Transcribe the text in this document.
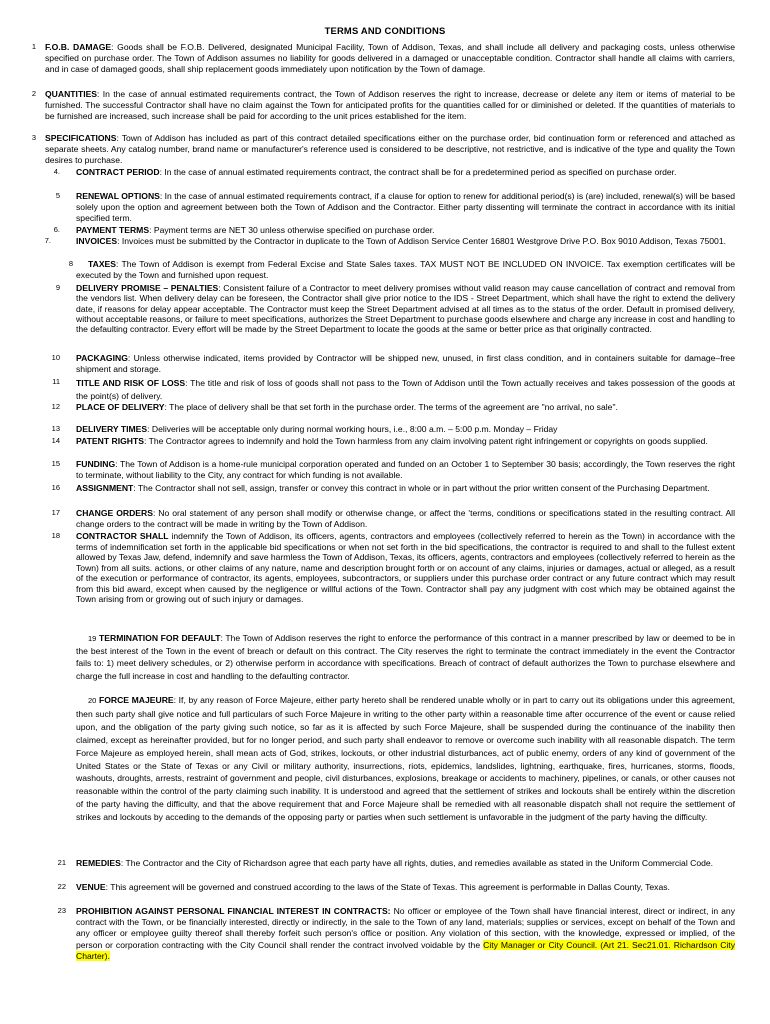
TERMS AND CONDITIONS
1 F.O.B. DAMAGE: Goods shall be F.O.B. Delivered, designated Municipal Facility, Town of Addison, Texas, and shall include all delivery and packaging costs, unless otherwise specified on purchase order. The Town of Addison assumes no liability for goods delivered in a damaged or unacceptable condition. Contractor shall handle all claims with carriers, and in case of damaged goods, shall ship replacement goods immediately upon notification by the Town of damage.
2 QUANTITIES: In the case of annual estimated requirements contract, the Town of Addison reserves the right to increase, decrease or delete any item or items of material to be furnished. The successful Contractor shall have no claim against the Town for anticipated profits for the quantities called for or diminished or deleted. If the quantities of materials to be furnished are increased, such increase shall be paid for according to the unit prices established for the item.
3 SPECIFICATIONS: Town of Addison has included as part of this contract detailed specifications either on the purchase order, bid continuation form or referenced and attached as separate sheets. Any catalog number, brand name or manufacturer's reference used is considered to be descriptive, not restrictive, and is indicative of the type and quality the Town desires to purchase.
4. CONTRACT PERIOD: In the case of annual estimated requirements contract, the contract shall be for a predetermined period as specified on purchase order.
5 RENEWAL OPTIONS: In the case of annual estimated requirements contract, if a clause for option to renew for additional period(s) is (are) included, renewal(s) will be based solely upon the option and agreement between both the Town of Addison and the Contractor. Either party dissenting will terminate the contract in accordance with its initial specified term.
6. PAYMENT TERMS: Payment terms are NET 30 unless otherwise specified on purchase order.
7.	INVOICES: Invoices must be submitted by the Contractor in duplicate to the Town of Addison Service Center 16801 Westgrove Drive P.O. Box 9010 Addison, Texas 75001.
8	TAXES: The Town of Addison is exempt from Federal Excise and State Sales taxes. TAX MUST NOT BE INCLUDED ON INVOICE. Tax exemption certificates will be executed by the Town and furnished upon request.
9 DELIVERY PROMISE – PENALTIES: Consistent failure of a Contractor to meet delivery promises without valid reason may cause cancellation of contract and removal from the vendors list. When delivery delay can be foreseen, the Contractor shall give prior notice to the IDS - Street Department, which shall have the right to extend the delivery date, if reasons for delay appear acceptable. The Contractor must keep the Street Department advised at all times as to the status of the order. Default in promised delivery, without acceptable reasons, or failure to meet specifications, authorizes the Street Department to purchase goods elsewhere and charge any increase in cost and handling to the defaulting contractor. Every effort will be made by the Street Department to locate the goods at the same or better price as that originally contracted.
10 PACKAGING: Unless otherwise indicated, items provided by Contractor will be shipped new, unused, in first class condition, and in containers suitable for damage–free shipment and storage.
11 TITLE AND RISK OF LOSS: The title and risk of loss of goods shall not pass to the Town of Addison until the Town actually receives and takes possession of the goods at the point(s) of delivery.
12 PLACE OF DELIVERY: The place of delivery shall be that set forth in the purchase order. The terms of the agreement are "no arrival, no sale".
13 DELIVERY TIMES: Deliveries will be acceptable only during normal working hours, i.e., 8:00 a.m. – 5:00 p.m. Monday – Friday
14 PATENT RIGHTS: The Contractor agrees to indemnify and hold the Town harmless from any claim involving patent right infringement or copyrights on goods supplied.
15 FUNDING: The Town of Addison is a home-rule municipal corporation operated and funded on an October 1 to September 30 basis; accordingly, the Town reserves the right to terminate, without liability to the City, any contract for which funding is not available.
16 ASSIGNMENT: The Contractor shall not sell, assign, transfer or convey this contract in whole or in part without the prior written consent of the Purchasing Department.
17 CHANGE ORDERS: No oral statement of any person shall modify or otherwise change, or affect the 'terms, conditions or specifications stated in the resulting contract. All change orders to the contract will be made in writing by the Town of Addison.
18 CONTRACTOR SHALL indemnify the Town of Addison, its officers, agents, contractors and employees (collectively referred to herein as the Town) in accordance with the terms of indemnification set forth in the applicable bid specifications or when not set forth in the bid specifications, the contractor is required to and shall to the fullest extent allowed by Texas Jaw, defend, indemnify and save harmless the Town of Addison, Texas, its officers, agents, contractors and employees (collectively referred to herein as the Town) from all suits. actions, or other claims of any nature, name and description brought forth or on account of any claims, injuries or damages, actual or alleged, as a result of the execution or performance of contractor, its agents, employees, subcontractors, or suppliers under this purchase order contract or any future contract which may result from this bid award, except when caused by the negligence or willful actions of the Town. Contractor shall pay any judgment with cost which may be obtained against the Town arising from or growing out of such injury or damages.
19 TERMINATION FOR DEFAULT: The Town of Addison reserves the right to enforce the performance of this contract in a manner prescribed by law or deemed to be in the best interest of the Town in the event of breach or default on this contract. The City reserves the right to terminate the contract immediately in the event the Contractor fails to: 1) meet delivery schedules, or 2) otherwise perform in accordance with specifications. Breach of contract of default authorizes the Town to purchase elsewhere and charge the full increase in cost and handling to the defaulting contractor.
20 FORCE MAJEURE: If, by any reason of Force Majeure, either party hereto shall be rendered unable wholly or in part to carry out its obligations under this agreement, then such party shall give notice and full particulars of such Force Majeure in writing to the other party within a reasonable time after occurrence of the event or cause relied upon, and the obligation of the party giving such notice, so far as it is affected by such Force Majeure, shall be suspended during the continuance of the inability then claimed, except as hereinafter provided, but for no longer period, and such party shall endeavor to remove or overcome such inability with all reasonable dispatch. The term Force Majeure as employed herein, shall mean acts of God, strikes, lockouts, or other industrial disturbances, act of public enemy, orders of any kind of government of the United States or the State of Texas or any Civil or military authority, insurrections, riots, epidemics, landslides, lightning, earthquake, fires, hurricanes, storms, floods, washouts, droughts, arrests, restraint of government and people, civil disturbances, explosions, breakage or accidents to machinery, pipelines, or canals, or other causes not reasonable within the control of the party claiming such inability. It is understood and agreed that the settlement of strikes and lockouts shall be entirely within the discretion of the party having the difficulty, and that the above requirement that and Force Majeure shall be remedied with all reasonable dispatch shall not require the settlement of strikes and lockouts by acceding to the demands of the opposing party or parties when such settlement is unfavorable in the judgment of the party having the difficulty.
21 REMEDIES: The Contractor and the City of Richardson agree that each party have all rights, duties, and remedies available as stated in the Uniform Commercial Code.
22 VENUE: This agreement will be governed and construed according to the laws of the State of Texas. This agreement is performable in Dallas County, Texas.
23 PROHIBITION AGAINST PERSONAL FINANCIAL INTEREST IN CONTRACTS: No officer or employee of the Town shall have financial interest, direct or indirect, in any contract with the Town, or be financially interested, directly or indirectly, in the sale to the Town of any land, materials; supplies or services, except on behalf of the Town and any officer or employee guilty thereof shall thereby forfeit such person's office or position. Any violation of this section, with the knowledge, expressed or implied, of the person or corporation contracting with the City Council shall render the contract involved voidable by the City Manager or City Council. (Art 21. Sec21.01. Richardson City Charter).
